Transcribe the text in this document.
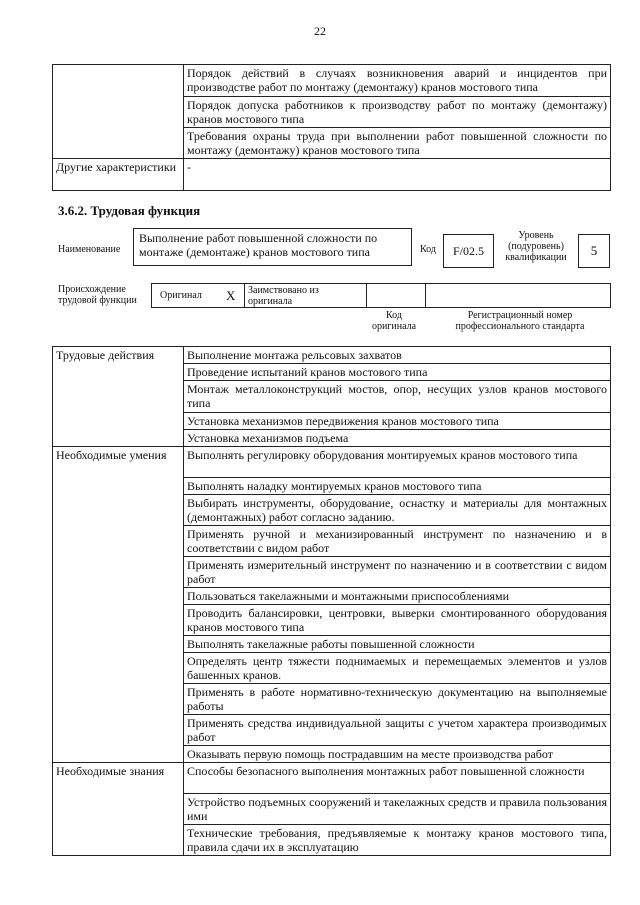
22
	Порядок действий в случаях возникновения аварий и инцидентов при производстве работ по монтажу (демонтажу) кранов мостового типа
	Порядок допуска работников к производству работ по монтажу (демонтажу) кранов мостового типа
	Требования охраны труда при выполнении работ повышенной сложности по монтажу (демонтажу) кранов мостового типа
Другие характеристики	-
3.6.2. Трудовая функция
Наименование
Выполнение работ повышенной сложности по монтаже (демонтаже) кранов мостового типа	Код	F/02.5
Уровень (подуровень) квалификации	5
Происхождение трудовой функции	Оригинал X Заимствовано из оригинала
Код оригинала
Регистрационный номер профессионального стандарта
Трудовые действия	Выполнение монтажа рельсовых захватов
	Проведение испытаний кранов мостового типа
	Монтаж металлоконструкций мостов, опор, несущих узлов кранов мостового типа
	Установка механизмов передвижения кранов мостового типа
	Установка механизмов подъема
Необходимые умения	Выполнять регулировку оборудования монтируемых кранов мостового типа
	Выполнять наладку монтируемых кранов мостового типа
	Выбирать инструменты, оборудование, оснастку и материалы для монтажных (демонтажных) работ согласно заданию.
	Применять ручной и механизированный инструмент по назначению и в соответствии с видом работ
	Применять измерительный инструмент по назначению и в соответствии с видом работ
	Пользоваться такелажными и монтажными приспособлениями
	Проводить балансировки, центровки, выверки смонтированного оборудования кранов мостового типа
	Выполнять такелажные работы повышенной сложности
	Определять центр тяжести поднимаемых и перемещаемых элементов и узлов башенных кранов.
	Применять в работе нормативно-техническую документацию на выполняемые работы
	Применять средства индивидуальной защиты с учетом характера производимых работ
	Оказывать первую помощь пострадавшим на месте производства работ
Необходимые знания	Способы безопасного выполнения монтажных работ повышенной сложности
	Устройство подъемных сооружений и такелажных средств и правила пользования ими
	Технические требования, предъявляемые к монтажу кранов мостового типа, правила сдачи их в эксплуатацию
